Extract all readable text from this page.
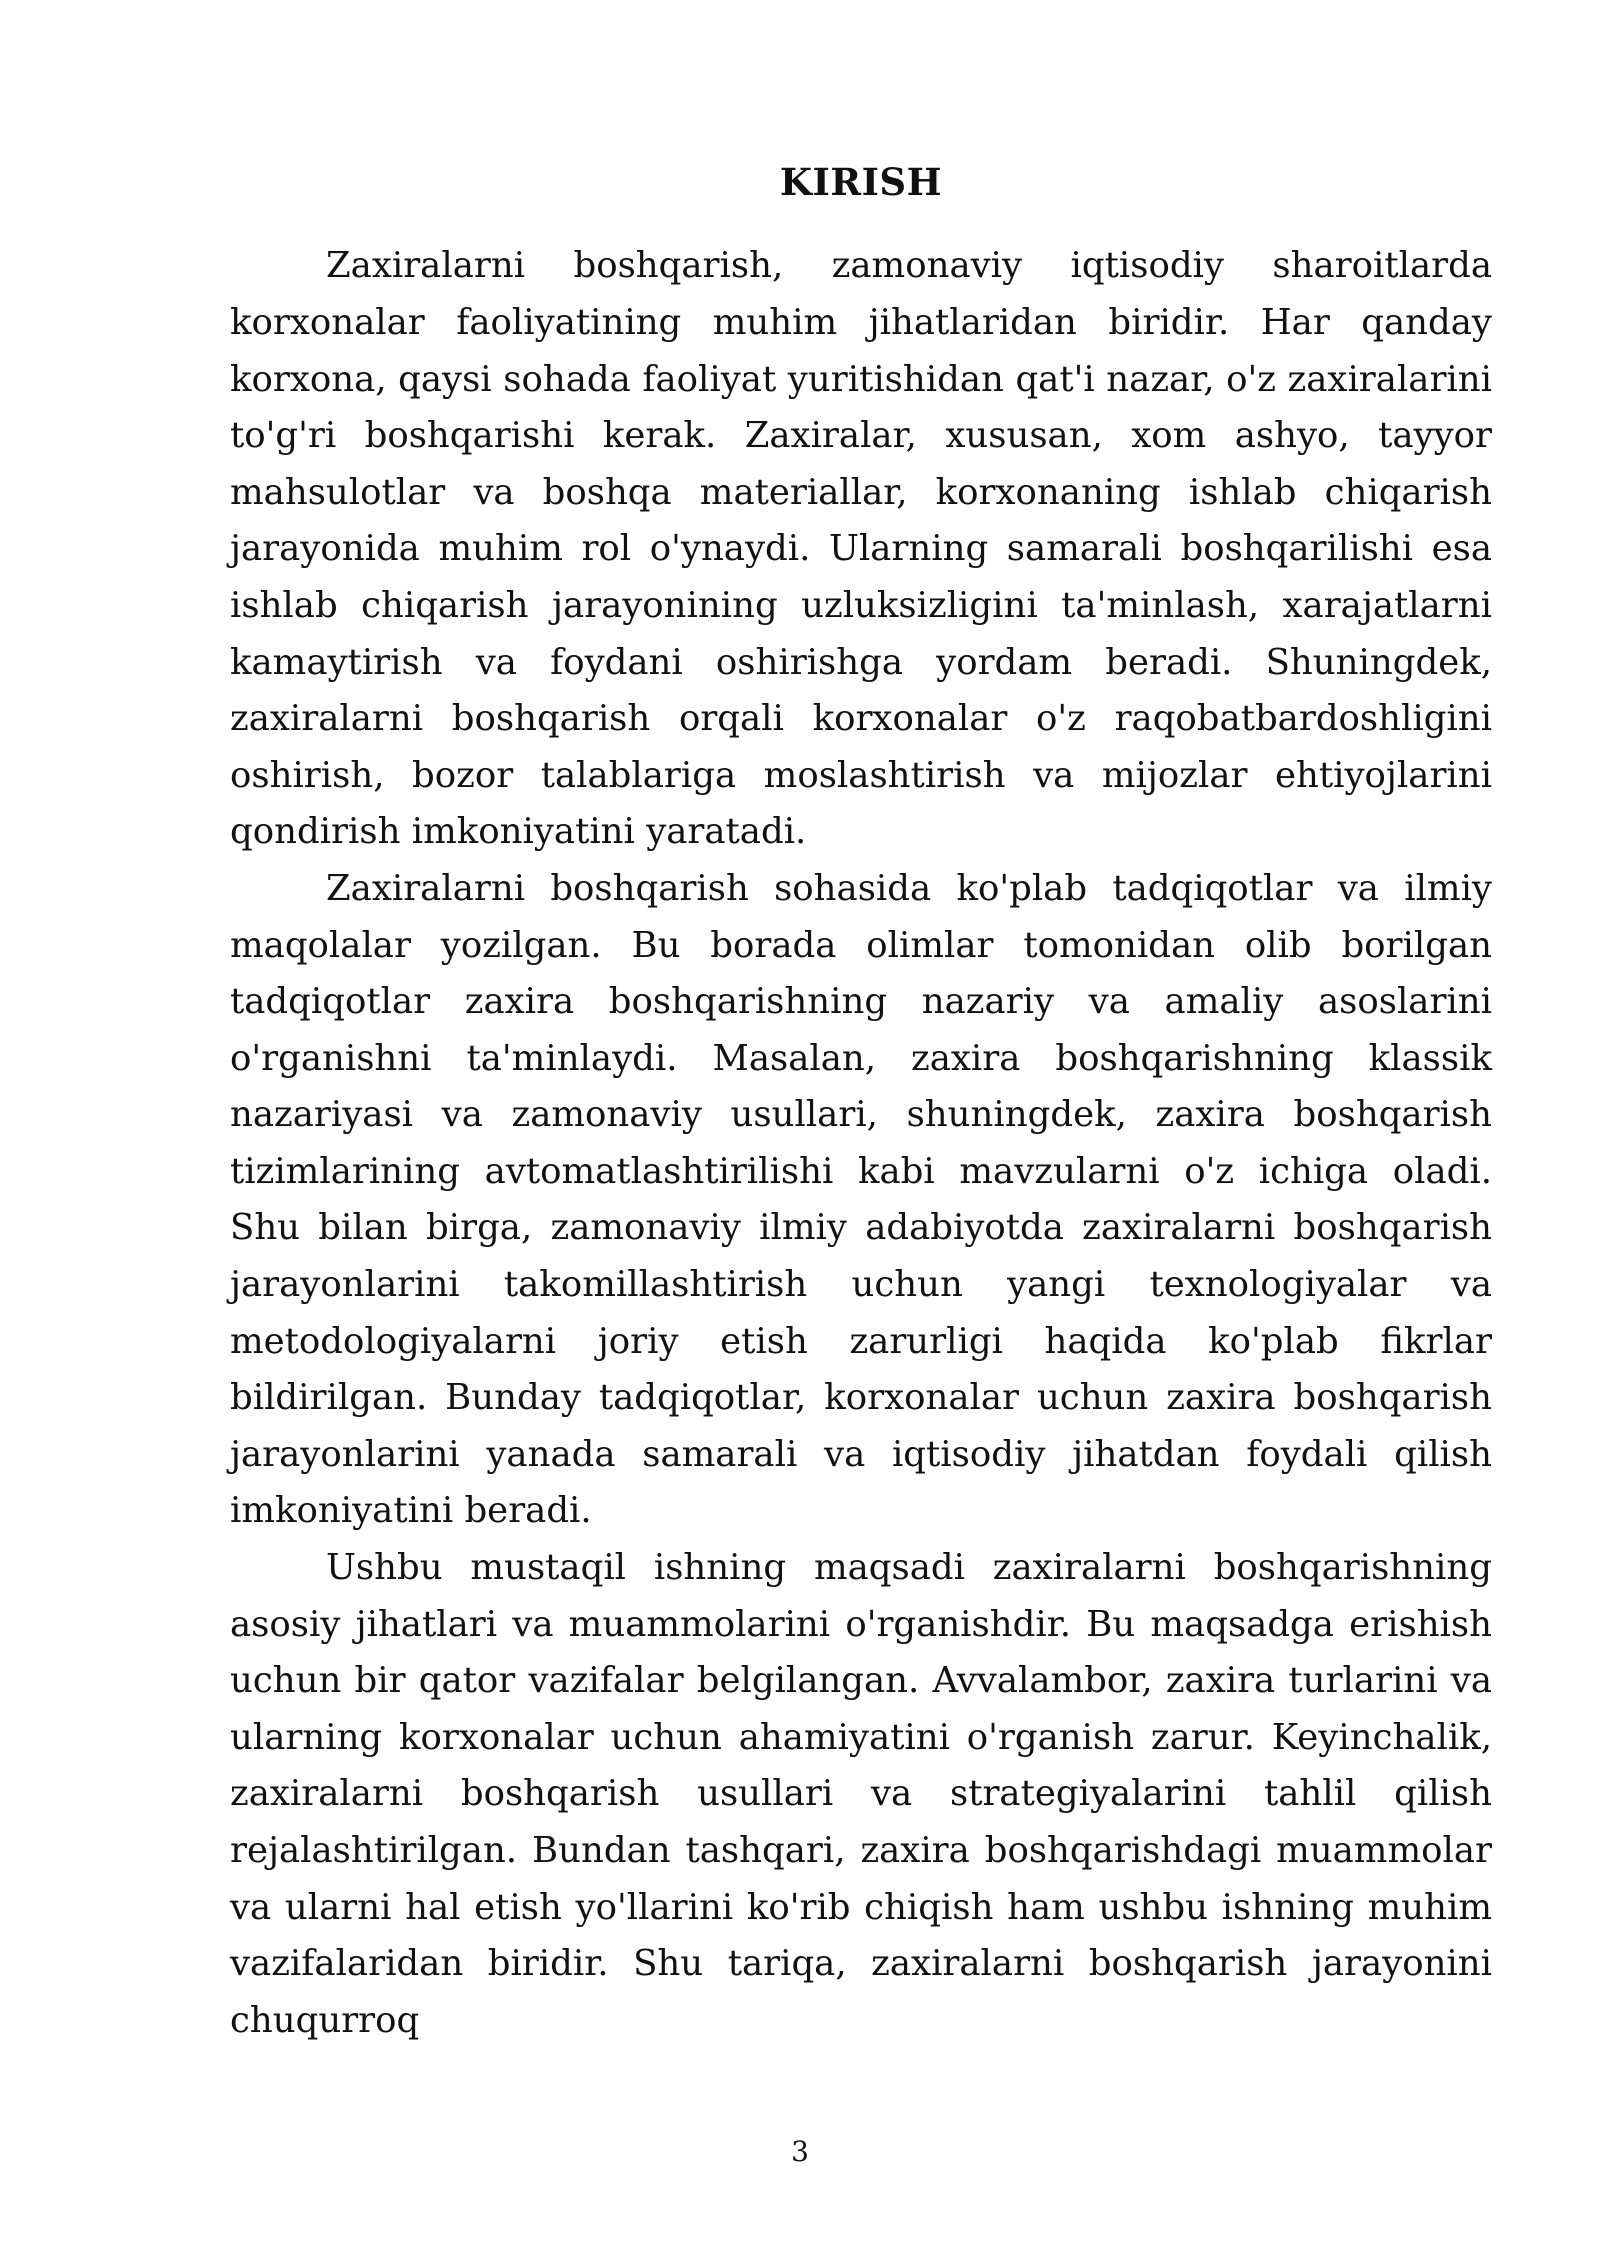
KIRISH

Zaxiralarni boshqarish, zamonaviy iqtisodiy sharoitlarda korxonalar faoliyatining muhim jihatlaridan biridir. Har qanday korxona, qaysi sohada faoliyat yuritishidan qat'i nazar, o'z zaxiralarini to'g'ri boshqarishi kerak. Zaxiralar, xususan, xom ashyo, tayyor mahsulotlar va boshqa materiallar, korxonaning ishlab chiqarish jarayonida muhim rol o'ynaydi. Ularning samarali boshqarilishi esa ishlab chiqarish jarayonining uzluksizligini ta'minlash, xarajatlarni kamaytirish va foydani oshirishga yordam beradi. Shuningdek, zaxiralarni boshqarish orqali korxonalar o'z raqobatbardoshligini oshirish, bozor talablariga moslashtirish va mijozlar ehtiyojlarini qondirish imkoniyatini yaratadi.

Zaxiralarni boshqarish sohasida ko'plab tadqiqotlar va ilmiy maqolalar yozilgan. Bu borada olimlar tomonidan olib borilgan tadqiqotlar zaxira boshqarishning nazariy va amaliy asoslarini o'rganishni ta'minlaydi. Masalan, zaxira boshqarishning klassik nazariyasi va zamonaviy usullari, shuningdek, zaxira boshqarish tizimlarining avtomatlashtirilishi kabi mavzularni o'z ichiga oladi. Shu bilan birga, zamonaviy ilmiy adabiyotda zaxiralarni boshqarish jarayonlarini takomillashtirish uchun yangi texnologiyalar va metodologiyalarni joriy etish zarurligi haqida ko'plab fikrlar bildirilgan. Bunday tadqiqotlar, korxonalar uchun zaxira boshqarish jarayonlarini yanada samarali va iqtisodiy jihatdan foydali qilish imkoniyatini beradi.

Ushbu mustaqil ishning maqsadi zaxiralarni boshqarishning asosiy jihatlari va muammolarini o'rganishdir. Bu maqsadga erishish uchun bir qator vazifalar belgilangan. Avvalambor, zaxira turlarini va ularning korxonalar uchun ahamiyatini o'rganish zarur. Keyinchalik, zaxiralarni boshqarish usullari va strategiyalarini tahlil qilish rejalashtirilgan. Bundan tashqari, zaxira boshqarishdagi muammolar va ularni hal etish yo'llarini ko'rib chiqish ham ushbu ishning muhim vazifalaridan biridir. Shu tariqa, zaxiralarni boshqarish jarayonini chuqurroq

3
